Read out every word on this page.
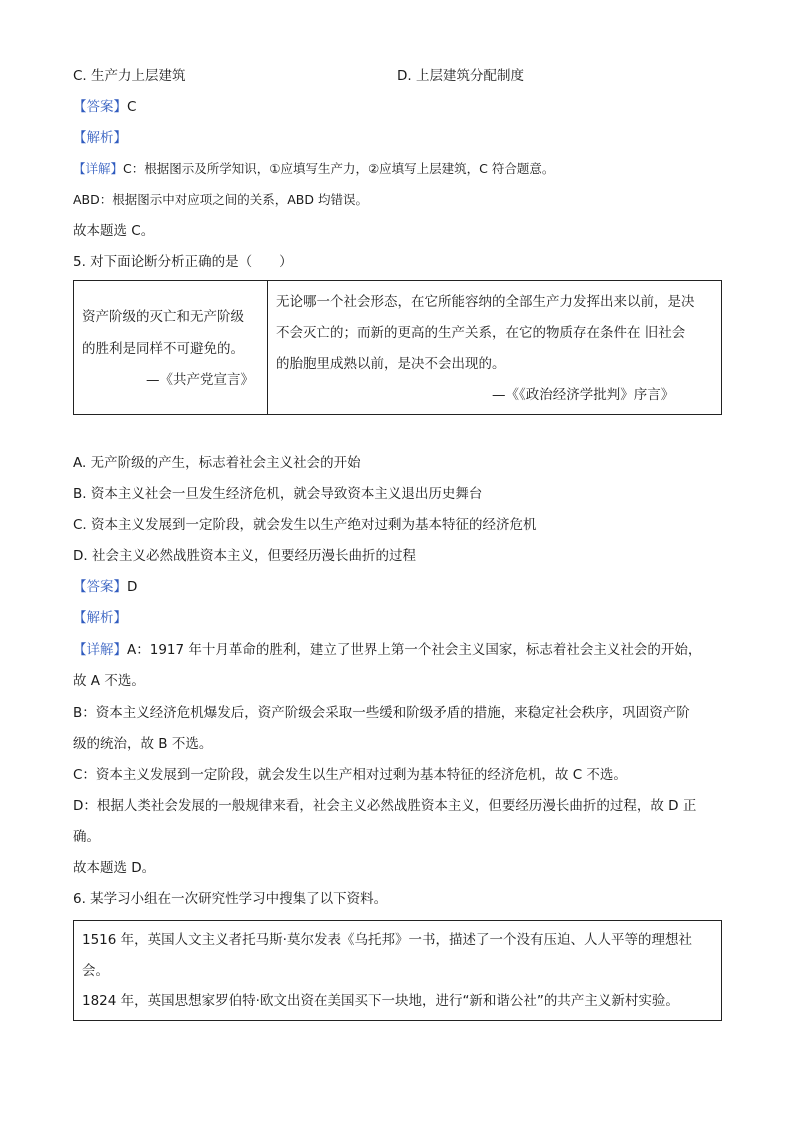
C. 生产力上层建筑	D. 上层建筑分配制度
【答案】C
【解析】
【详解】C：根据图示及所学知识，①应填写生产力，②应填写上层建筑，C 符合题意。
ABD：根据图示中对应项之间的关系，ABD 均错误。
故本题选 C。
5. 对下面论断分析正确的是（　　）
资产阶级的灭亡和无产阶级
的胜利是同样不可避免的。
—《共产党宣言》
无论哪一个社会形态，在它所能容纳的全部生产力发挥出来以前，是决
不会灭亡的；而新的更高的生产关系，在它的物质存在条件在 旧社会
的胎胞里成熟以前，是决不会出现的。
—《《政治经济学批判》序言》
A. 无产阶级的产生，标志着社会主义社会的开始
B. 资本主义社会一旦发生经济危机，就会导致资本主义退出历史舞台
C. 资本主义发展到一定阶段，就会发生以生产绝对过剩为基本特征的经济危机
D. 社会主义必然战胜资本主义，但要经历漫长曲折的过程
【答案】D
【解析】
【详解】A：1917 年十月革命的胜利，建立了世界上第一个社会主义国家，标志着社会主义社会的开始，
故 A 不选。
B：资本主义经济危机爆发后，资产阶级会采取一些缓和阶级矛盾的措施，来稳定社会秩序，巩固资产阶
级的统治，故 B 不选。
C：资本主义发展到一定阶段，就会发生以生产相对过剩为基本特征的经济危机，故 C 不选。
D：根据人类社会发展的一般规律来看，社会主义必然战胜资本主义，但要经历漫长曲折的过程，故 D 正
确。
故本题选 D。
6. 某学习小组在一次研究性学习中搜集了以下资料。
1516 年，英国人文主义者托马斯·莫尔发表《乌托邦》一书，描述了一个没有压迫、人人平等的理想社
会。
1824 年，英国思想家罗伯特·欧文出资在美国买下一块地，进行“新和谐公社”的共产主义新村实验。
